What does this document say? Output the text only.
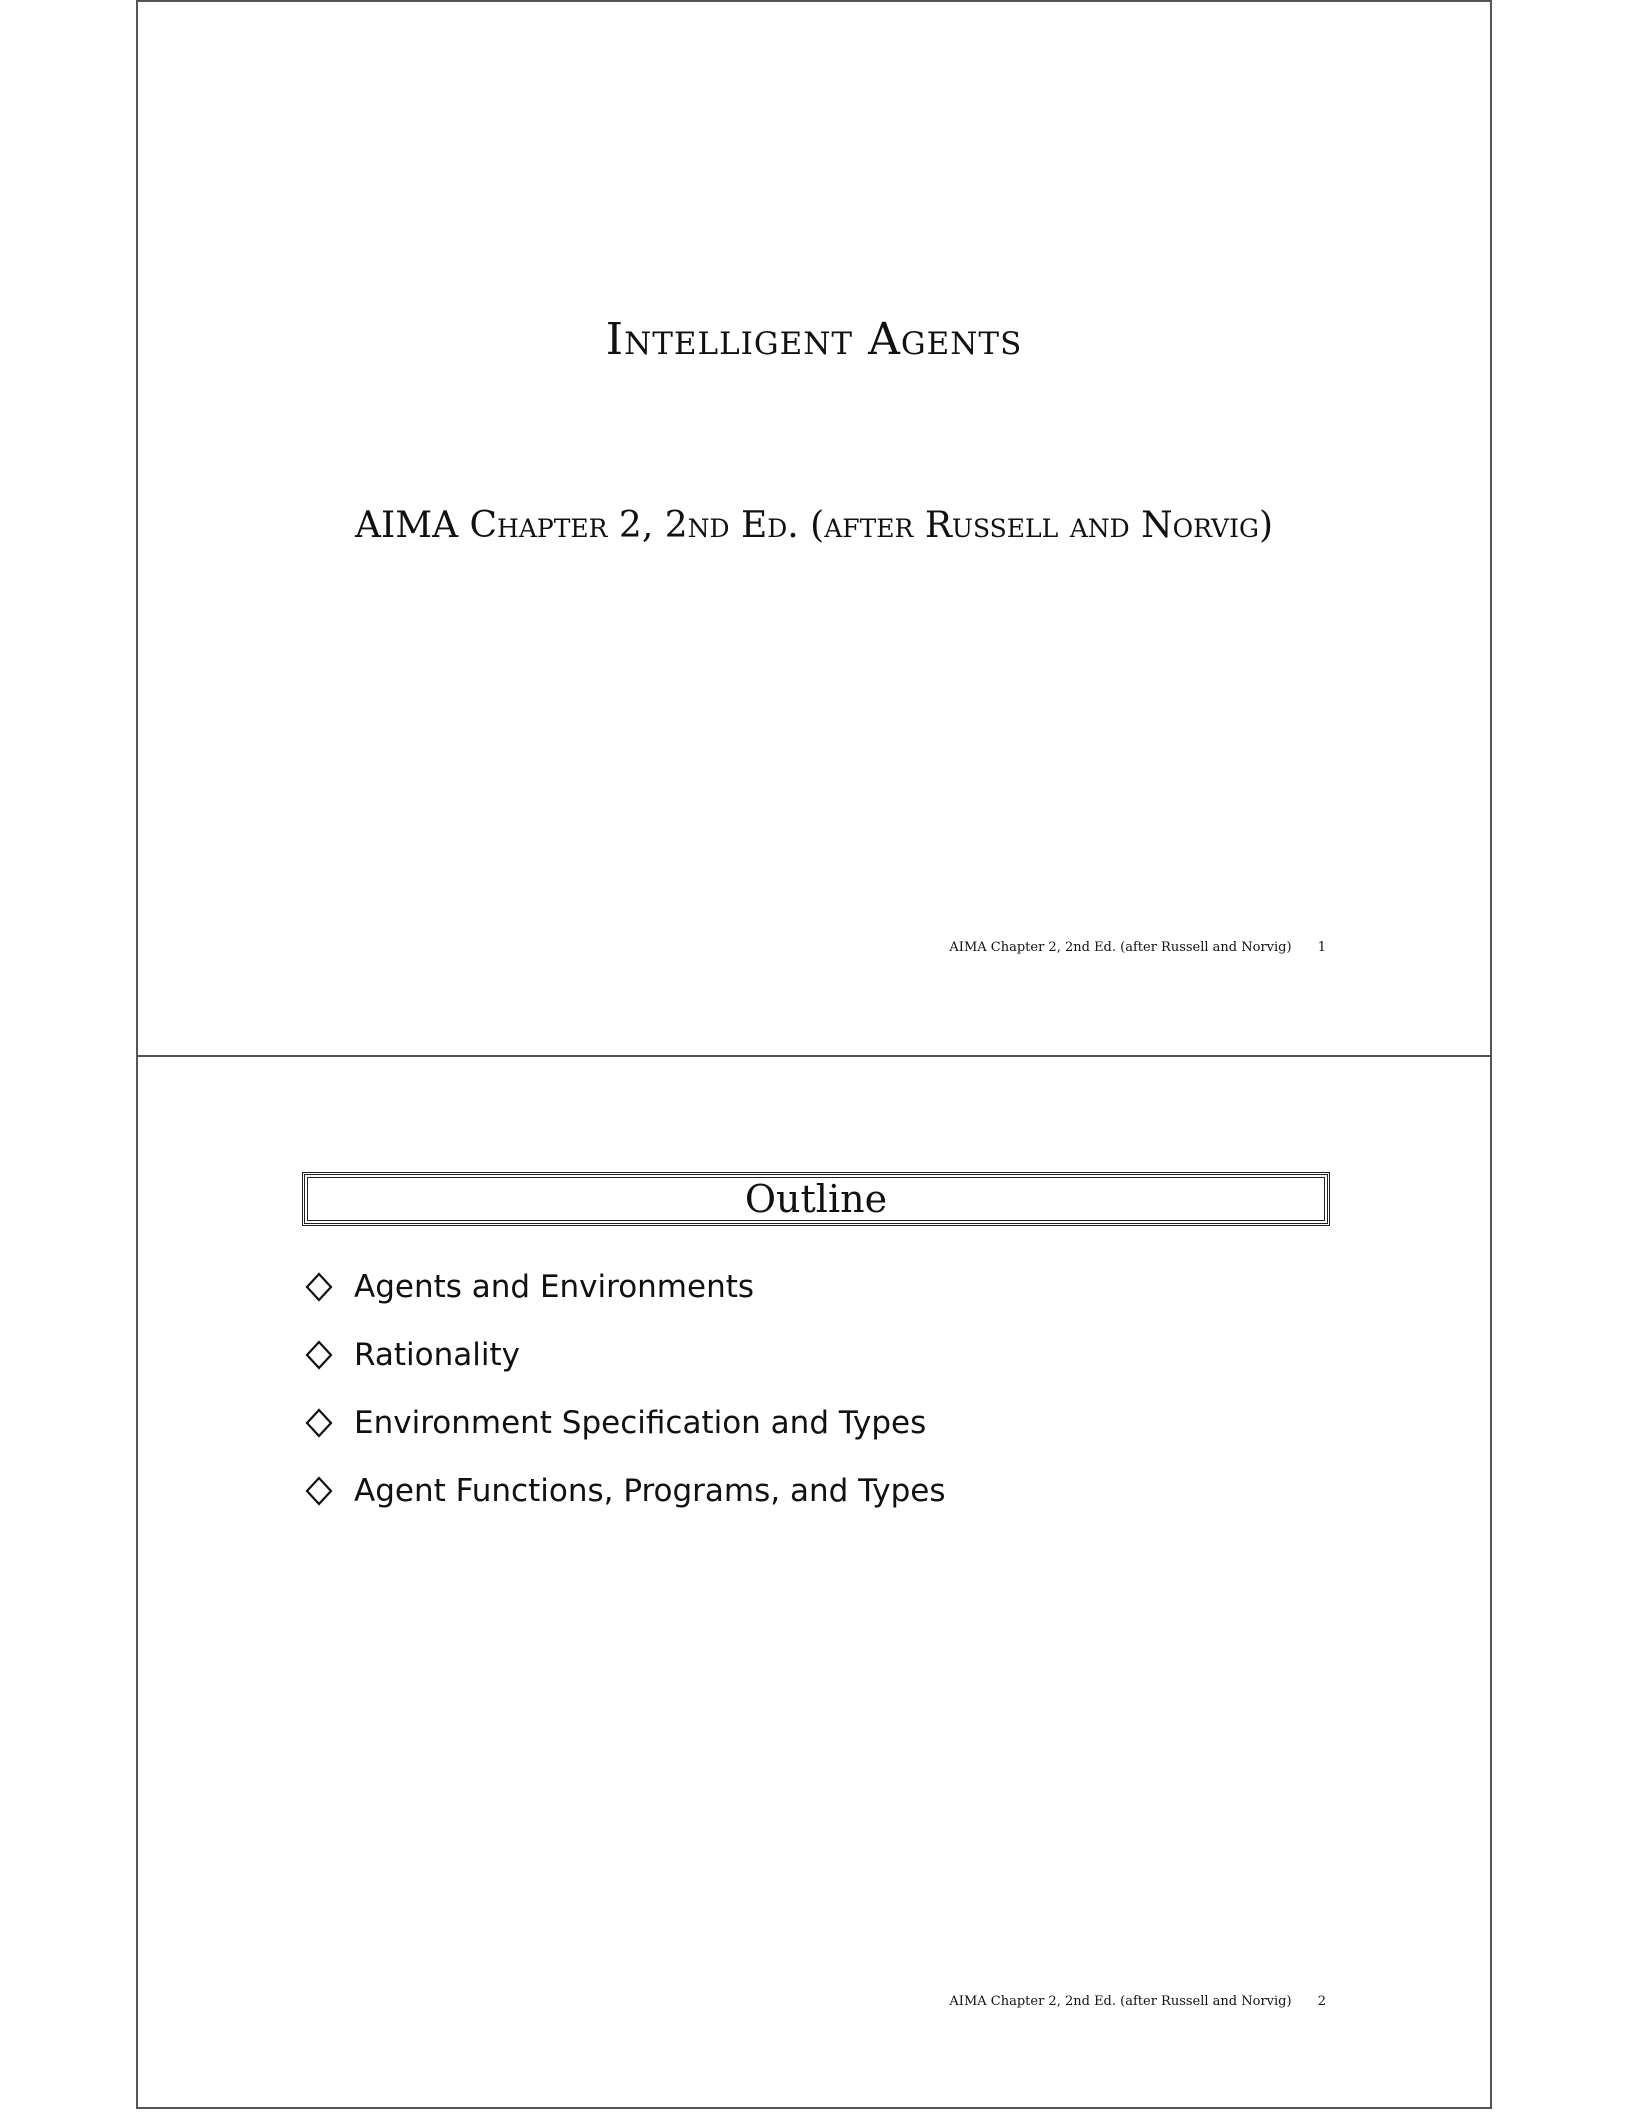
Intelligent Agents
AIMA Chapter 2, 2nd Ed. (after Russell and Norvig)
AIMA Chapter 2, 2nd Ed. (after Russell and Norvig) 1
Outline
Agents and Environments
Rationality
Environment Specification and Types
Agent Functions, Programs, and Types
AIMA Chapter 2, 2nd Ed. (after Russell and Norvig) 2
